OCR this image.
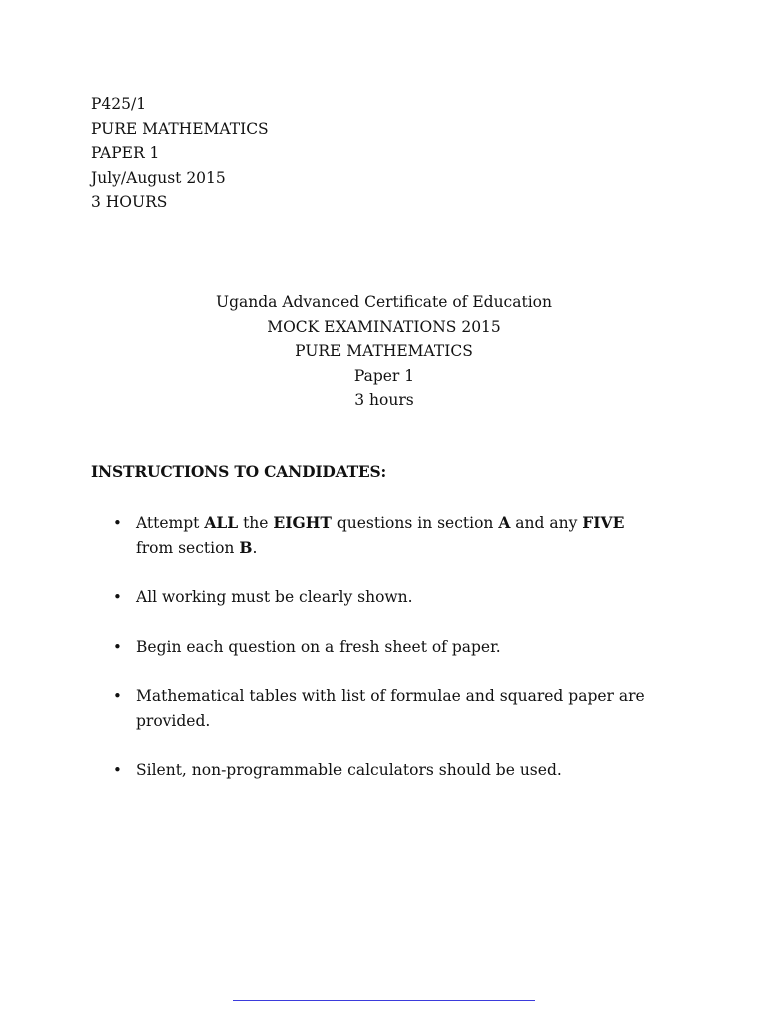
P425/1
PURE MATHEMATICS
PAPER 1
July/August 2015
3 HOURS
Uganda Advanced Certificate of Education
MOCK EXAMINATIONS 2015
PURE MATHEMATICS
Paper 1
3 hours
INSTRUCTIONS TO CANDIDATES:
• Attempt ALL the EIGHT questions in section A and any FIVE from section B.
• All working must be clearly shown.
• Begin each question on a fresh sheet of paper.
• Mathematical tables with list of formulae and squared paper are provided.
• Silent, non-programmable calculators should be used.
